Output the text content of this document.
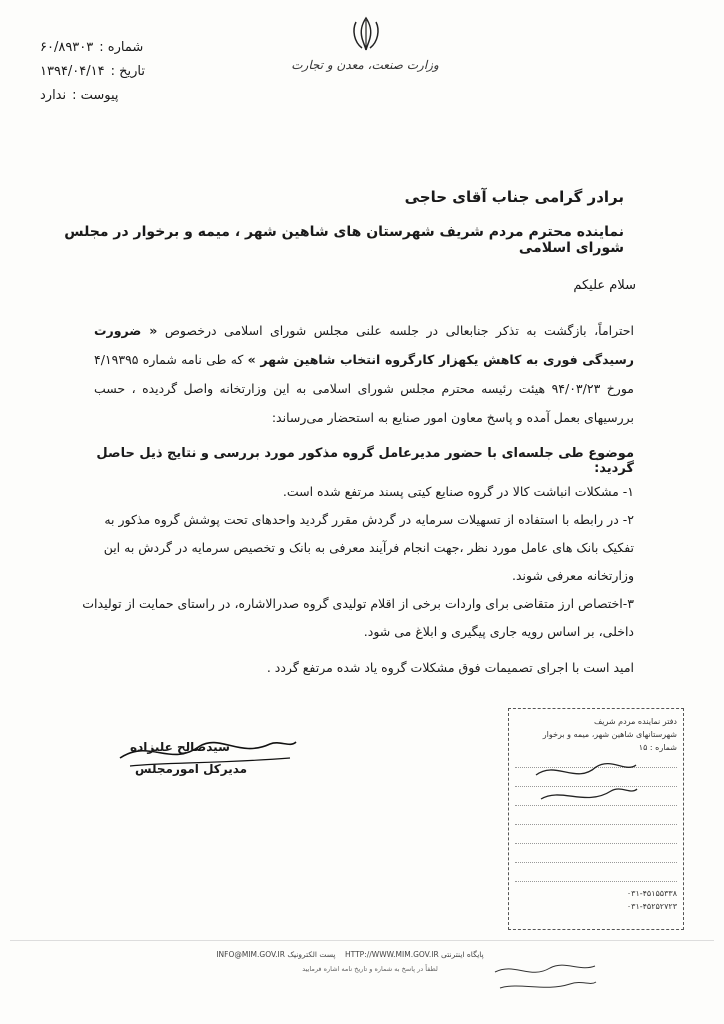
وزارت صنعت، معدن و تجارت
شماره :
۶۰/۸۹۳۰۳
تاریخ :
۱۳۹۴/۰۴/۱۴
پیوست :
ندارد
برادر گرامی جناب آقای حاجی
نماینده محترم مردم شریف شهرستان های شاهین شهر ، میمه و برخوار در مجلس شورای اسلامی
سلام علیکم
احتراماً، بازگشت به تذکر جنابعالی در جلسه علنی مجلس شورای اسلامی درخصوص « ضرورت رسیدگی فوری به کاهش یکهزار کارگروه انتخاب شاهین شهر » که طی نامه شماره ۴/۱۹۳۹۵ مورخ ۹۴/۰۳/۲۳ هیئت رئیسه محترم مجلس شورای اسلامی به این وزارتخانه واصل گردیده ، حسب بررسیهای بعمل آمده و پاسخ معاون امور صنایع به استحضار می‌رساند:
موضوع طی جلسه‌ای با حضور مدیرعامل گروه مذکور مورد بررسی و نتایج ذیل حاصل گردید:

۱- مشکلات انباشت کالا در گروه صنایع کیتی پسند مرتفع شده است.

۲- در رابطه با استفاده از تسهیلات سرمایه در گردش مقرر گردید واحدهای تحت پوشش گروه مذکور به تفکیک بانک های عامل مورد نظر ،جهت انجام فرآیند معرفی به بانک و تخصیص سرمایه در گردش به این وزارتخانه معرفی شوند.

۳-اختصاص ارز متقاضی برای واردات برخی از اقلام تولیدی گروه صدرالاشاره، در راستای حمایت از تولیدات داخلی، بر اساس رویه جاری پیگیری و ابلاغ می شود.

امید است با اجرای تصمیمات فوق مشکلات گروه یاد شده مرتفع گردد .
سیدصالح علیزاده
مدیرکل امورمجلس
دفتر نماینده مردم شریف
شهرستانهای شاهین شهر، میمه و برخوار
شماره : ۱۵
۰۳۱-۴۵۱۵۵۳۳۸
۰۳۱-۴۵۲۵۲۷۲۳
INFO@MIM.GOV.IR پست الکترونیک HTTP://WWW.MIM.GOV.IR پایگاه اینترنتی
لطفاً در پاسخ به شماره و تاریخ نامه اشاره فرمایید
